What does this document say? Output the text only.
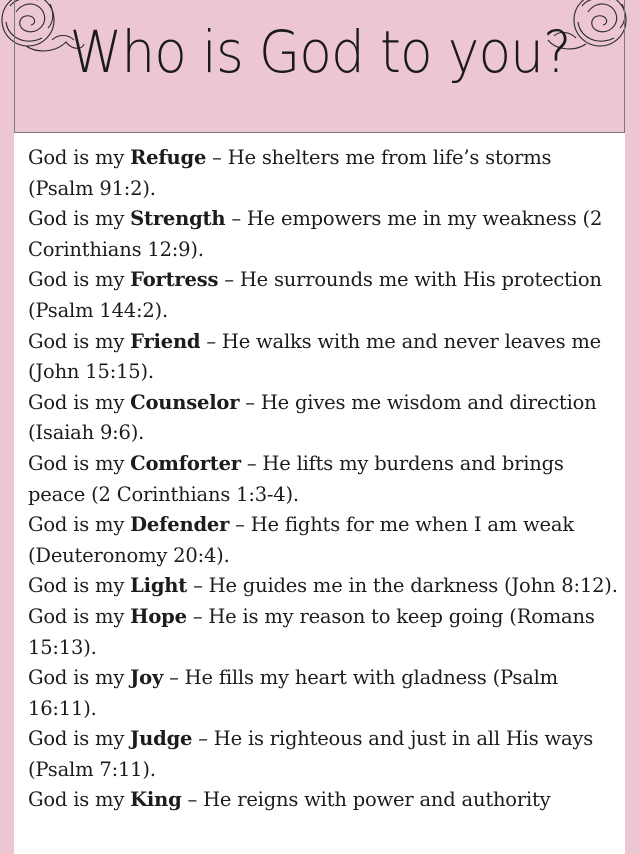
Who is God to you?
God is my Refuge – He shelters me from life’s storms (Psalm 91:2).
God is my Strength – He empowers me in my weakness (2 Corinthians 12:9).
God is my Fortress – He surrounds me with His protection (Psalm 144:2).
God is my Friend – He walks with me and never leaves me (John 15:15).
God is my Counselor – He gives me wisdom and direction (Isaiah 9:6).
God is my Comforter – He lifts my burdens and brings peace (2 Corinthians 1:3-4).
God is my Defender – He fights for me when I am weak (Deuteronomy 20:4).
God is my Light – He guides me in the darkness (John 8:12).
God is my Hope – He is my reason to keep going (Romans 15:13).
God is my Joy – He fills my heart with gladness (Psalm 16:11).
God is my Judge – He is righteous and just in all His ways (Psalm 7:11).
God is my King – He reigns with power and authority
